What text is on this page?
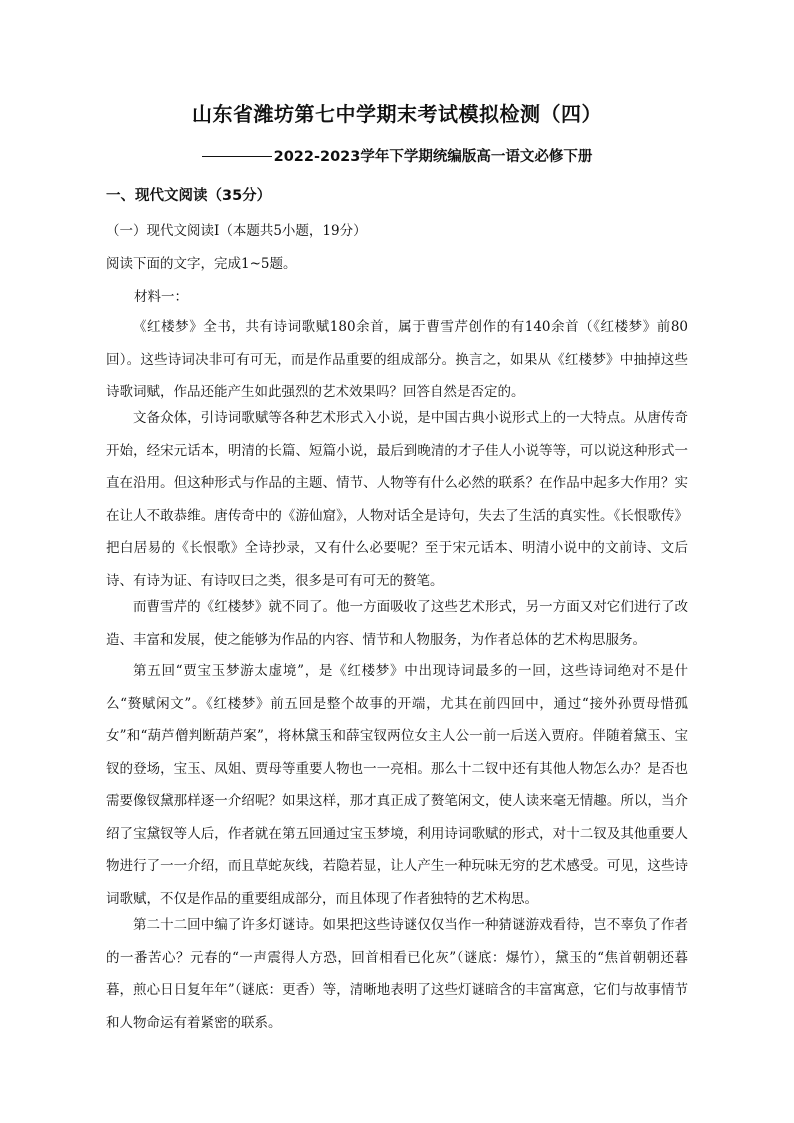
山东省潍坊第七中学期末考试模拟检测（四）

2022-2023学年下学期统编版高一语文必修下册

一、现代文阅读（35分）

（一）现代文阅读Ⅰ（本题共5小题，19分）

阅读下面的文字，完成1~5题。

材料一：

《红楼梦》全书，共有诗词歌赋180余首，属于曹雪芹创作的有140余首（《红楼梦》前80回）。这些诗词决非可有可无，而是作品重要的组成部分。换言之，如果从《红楼梦》中抽掉这些诗歌词赋，作品还能产生如此强烈的艺术效果吗？回答自然是否定的。

文备众体，引诗词歌赋等各种艺术形式入小说，是中国古典小说形式上的一大特点。从唐传奇开始，经宋元话本，明清的长篇、短篇小说，最后到晚清的才子佳人小说等等，可以说这种形式一直在沿用。但这种形式与作品的主题、情节、人物等有什么必然的联系？在作品中起多大作用？实在让人不敢恭维。唐传奇中的《游仙窟》，人物对话全是诗句，失去了生活的真实性。《长恨歌传》把白居易的《长恨歌》全诗抄录，又有什么必要呢？至于宋元话本、明清小说中的文前诗、文后诗、有诗为证、有诗叹曰之类，很多是可有可无的赘笔。

而曹雪芹的《红楼梦》就不同了。他一方面吸收了这些艺术形式，另一方面又对它们进行了改造、丰富和发展，使之能够为作品的内容、情节和人物服务，为作者总体的艺术构思服务。

第五回“贾宝玉梦游太虚境”，是《红楼梦》中出现诗词最多的一回，这些诗词绝对不是什么“赘赋闲文”。《红楼梦》前五回是整个故事的开端，尤其在前四回中，通过“接外孙贾母惜孤女”和“葫芦僧判断葫芦案”，将林黛玉和薛宝钗两位女主人公一前一后送入贾府。伴随着黛玉、宝钗的登场，宝玉、凤姐、贾母等重要人物也一一亮相。那么十二钗中还有其他人物怎么办？是否也需要像钗黛那样逐一介绍呢？如果这样，那才真正成了赘笔闲文，使人读来毫无情趣。所以，当介绍了宝黛钗等人后，作者就在第五回通过宝玉梦境，利用诗词歌赋的形式，对十二钗及其他重要人物进行了一一介绍，而且草蛇灰线，若隐若显，让人产生一种玩味无穷的艺术感受。可见，这些诗词歌赋，不仅是作品的重要组成部分，而且体现了作者独特的艺术构思。

第二十二回中编了许多灯谜诗。如果把这些诗谜仅仅当作一种猜谜游戏看待，岂不辜负了作者的一番苦心？元春的“一声震得人方恐，回首相看已化灰”（谜底：爆竹），黛玉的“焦首朝朝还暮暮，煎心日日复年年”（谜底：更香）等，清晰地表明了这些灯谜暗含的丰富寓意，它们与故事情节和人物命运有着紧密的联系。
